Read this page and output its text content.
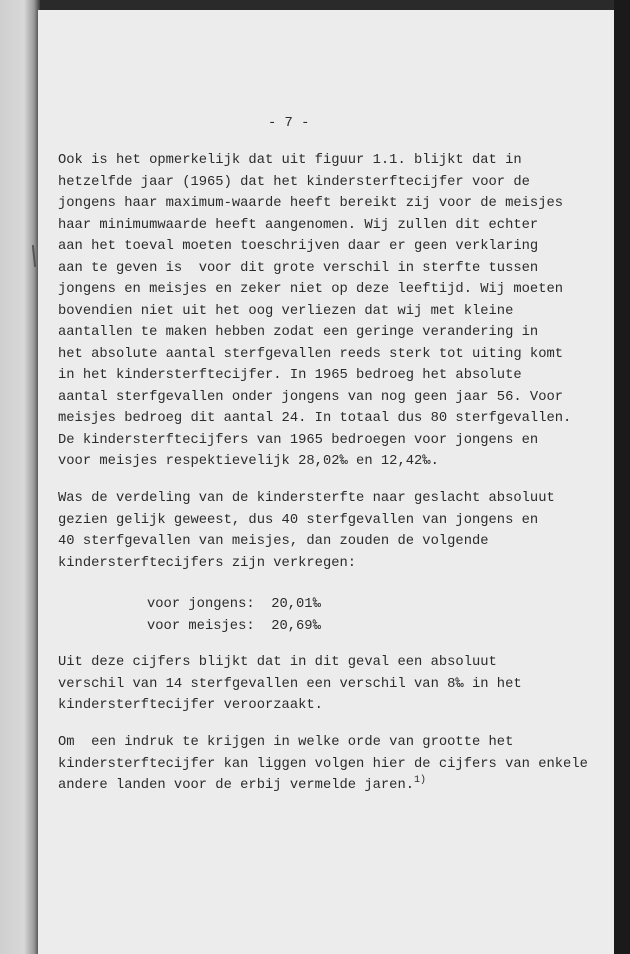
- 7 -
Ook is het opmerkelijk dat uit figuur 1.1. blijkt dat in
hetzelfde jaar (1965) dat het kindersterftecijfer voor de
jongens haar maximum-waarde heeft bereikt zij voor de meisjes
haar minimumwaarde heeft aangenomen. Wij zullen dit echter
aan het toeval moeten toeschrijven daar er geen verklaring
aan te geven is  voor dit grote verschil in sterfte tussen
jongens en meisjes en zeker niet op deze leeftijd. Wij moeten
bovendien niet uit het oog verliezen dat wij met kleine
aantallen te maken hebben zodat een geringe verandering in
het absolute aantal sterfgevallen reeds sterk tot uiting komt
in het kindersterftecijfer. In 1965 bedroeg het absolute
aantal sterfgevallen onder jongens van nog geen jaar 56. Voor
meisjes bedroeg dit aantal 24. In totaal dus 80 sterfgevallen.
De kindersterftecijfers van 1965 bedroegen voor jongens en
voor meisjes respektievelijk 28,02‰ en 12,42‰.
Was de verdeling van de kindersterfte naar geslacht absoluut
gezien gelijk geweest, dus 40 sterfgevallen van jongens en
40 sterfgevallen van meisjes, dan zouden de volgende
kindersterftecijfers zijn verkregen:
voor jongens:  20,01‰
voor meisjes:  20,69‰
Uit deze cijfers blijkt dat in dit geval een absoluut
verschil van 14 sterfgevallen een verschil van 8‰ in het
kindersterftecijfer veroorzaakt.
Om  een indruk te krijgen in welke orde van grootte het
kindersterftecijfer kan liggen volgen hier de cijfers van enkele
andere landen voor de erbij vermelde jaren.$^{1)}$
